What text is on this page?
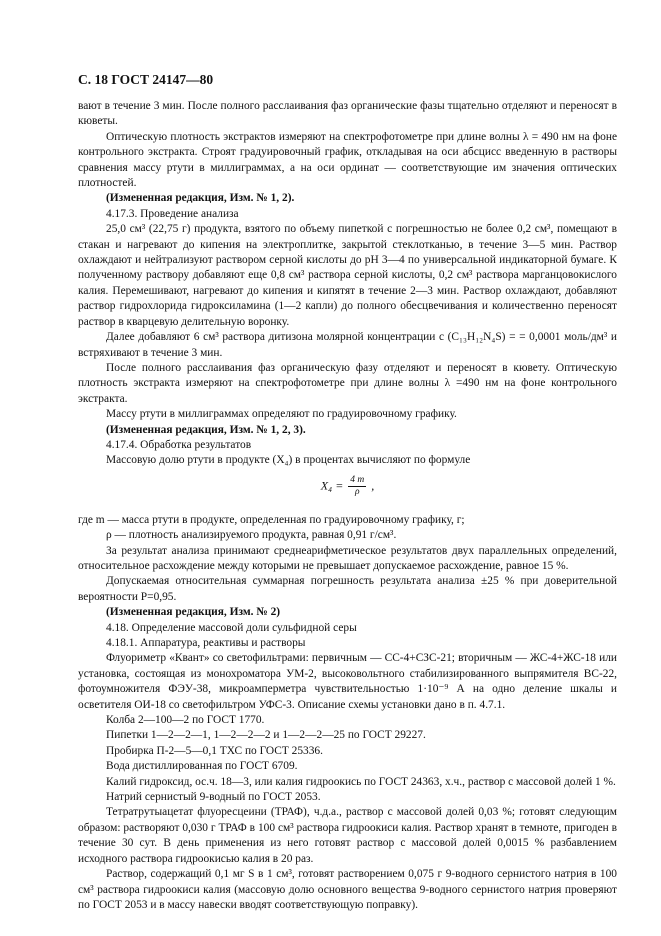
С. 18 ГОСТ 24147—80

вают в течение 3 мин. После полного расслаивания фаз органические фазы тщательно отделяют и переносят в кюветы.

Оптическую плотность экстрактов измеряют на спектрофотометре при длине волны λ = 490 нм на фоне контрольного экстракта. Строят градуировочный график, откладывая на оси абсцисс введенную в растворы сравнения массу ртути в миллиграммах, а на оси ординат — соответствующие им значения оптических плотностей.

(Измененная редакция, Изм. № 1, 2).

4.17.3. Проведение анализа

25,0 см³ (22,75 г) продукта, взятого по объему пипеткой с погрешностью не более 0,2 см³, помещают в стакан и нагревают до кипения на электроплитке, закрытой стеклотканью, в течение 3—5 мин. Раствор охлаждают и нейтрализуют раствором серной кислоты до pH 3—4 по универсальной индикаторной бумаге. К полученному раствору добавляют еще 0,8 см³ раствора серной кислоты, 0,2 см³ раствора марганцовокислого калия. Перемешивают, нагревают до кипения и кипятят в течение 2—3 мин. Раствор охлаждают, добавляют раствор гидрохлорида гидроксиламина (1—2 капли) до полного обесцвечивания и количественно переносят раствор в кварцевую делительную воронку.

Далее добавляют 6 см³ раствора дитизона молярной концентрации c (C₁₃H₁₂N₄S) = = 0,0001 моль/дм³ и встряхивают в течение 3 мин.

После полного расслаивания фаз органическую фазу отделяют и переносят в кювету. Оптическую плотность экстракта измеряют на спектрофотометре при длине волны λ =490 нм на фоне контрольного экстракта.

Массу ртути в миллиграммах определяют по градуировочному графику.

(Измененная редакция, Изм. № 1, 2, 3).

4.17.4. Обработка результатов

Массовую долю ртути в продукте (X₄) в процентах вычисляют по формуле

$X_4 = \frac{4 m}{\rho}$ ,

где m — масса ртути в продукте, определенная по градуировочному графику, г;

ρ — плотность анализируемого продукта, равная 0,91 г/см³.

За результат анализа принимают среднеарифметическое результатов двух параллельных определений, относительное расхождение между которыми не превышает допускаемое расхождение, равное 15 %.

Допускаемая относительная суммарная погрешность результата анализа ±25 % при доверительной вероятности P=0,95.

(Измененная редакция, Изм. № 2)

4.18. Определение массовой доли сульфидной серы

4.18.1. Аппаратура, реактивы и растворы

Флуориметр «Квант» со светофильтрами: первичным — СС-4+СЗС-21; вторичным — ЖС-4+ЖС-18 или установка, состоящая из монохроматора УМ-2, высоковольтного стабилизированного выпрямителя ВС-22, фотоумножителя ФЭУ-38, микроамперметра чувствительностью 1·10⁻⁹ А на одно деление шкалы и осветителя ОИ-18 со светофильтром УФС-3. Описание схемы установки дано в п. 4.7.1.

Колба 2—100—2 по ГОСТ 1770.

Пипетки 1—2—2—1, 1—2—2—2 и 1—2—2—25 по ГОСТ 29227.

Пробирка П-2—5—0,1 ТХС по ГОСТ 25336.

Вода дистиллированная по ГОСТ 6709.

Калий гидроксид, ос.ч. 18—3, или калия гидроокись по ГОСТ 24363, х.ч., раствор с массовой долей 1 %.

Натрий сернистый 9-водный по ГОСТ 2053.

Тетратрутыацетат флуоресцеини (ТРАФ), ч.д.а., раствор с массовой долей 0,03 %; готовят следующим образом: растворяют 0,030 г ТРАФ в 100 см³ раствора гидроокиси калия. Раствор хранят в темноте, пригоден в течение 30 сут. В день применения из него готовят раствор с массовой долей 0,0015 % разбавлением исходного раствора гидроокисью калия в 20 раз.

Раствор, содержащий 0,1 мг S в 1 см³, готовят растворением 0,075 г 9-водного сернистого натрия в 100 см³ раствора гидроокиси калия (массовую долю основного вещества 9-водного сернистого натрия проверяют по ГОСТ 2053 и в массу навески вводят соответствующую поправку).
